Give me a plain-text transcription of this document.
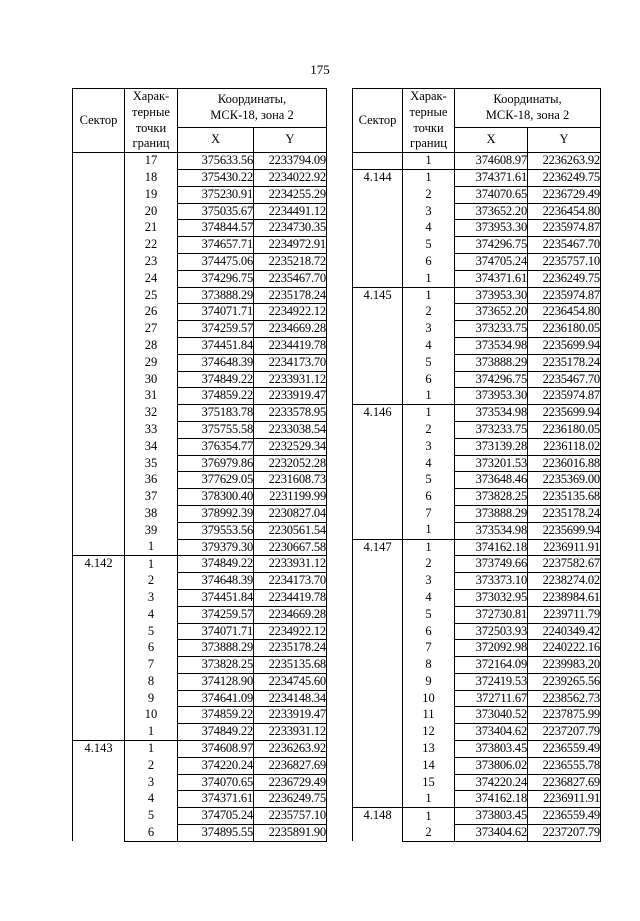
175
Сектор	Харак-
терные
точки
границ	Координаты,
МСК-18, зона 2	
		X	Y
	17	375633.56	2233794.09
	18	375430.22	2234022.92
	19	375230.91	2234255.29
	20	375035.67	2234491.12
	21	374844.57	2234730.35
	22	374657.71	2234972.91
	23	374475.06	2235218.72
	24	374296.75	2235467.70
	25	373888.29	2235178.24
	26	374071.71	2234922.12
	27	374259.57	2234669.28
	28	374451.84	2234419.78
	29	374648.39	2234173.70
	30	374849.22	2233931.12
	31	374859.22	2233919.47
	32	375183.78	2233578.95
	33	375755.58	2233038.54
	34	376354.77	2232529.34
	35	376979.86	2232052.28
	36	377629.05	2231608.73
	37	378300.40	2231199.99
	38	378992.39	2230827.04
	39	379553.56	2230561.54
	1	379379.30	2230667.58
4.142	1	374849.22	2233931.12
	2	374648.39	2234173.70
	3	374451.84	2234419.78
	4	374259.57	2234669.28
	5	374071.71	2234922.12
	6	373888.29	2235178.24
	7	373828.25	2235135.68
	8	374128.90	2234745.60
	9	374641.09	2234148.34
	10	374859.22	2233919.47
	1	374849.22	2233931.12
4.143	1	374608.97	2236263.92
	2	374220.24	2236827.69
	3	374070.65	2236729.49
	4	374371.61	2236249.75
	5	374705.24	2235757.10
	6	374895.55	2235891.90
Сектор	Харак-
терные
точки
границ	Координаты,
МСК-18, зона 2	
		X	Y
	1	374608.97	2236263.92
4.144	1	374371.61	2236249.75
	2	374070.65	2236729.49
	3	373652.20	2236454.80
	4	373953.30	2235974.87
	5	374296.75	2235467.70
	6	374705.24	2235757.10
	1	374371.61	2236249.75
4.145	1	373953.30	2235974.87
	2	373652.20	2236454.80
	3	373233.75	2236180.05
	4	373534.98	2235699.94
	5	373888.29	2235178.24
	6	374296.75	2235467.70
	1	373953.30	2235974.87
4.146	1	373534.98	2235699.94
	2	373233.75	2236180.05
	3	373139.28	2236118.02
	4	373201.53	2236016.88
	5	373648.46	2235369.00
	6	373828.25	2235135.68
	7	373888.29	2235178.24
	1	373534.98	2235699.94
4.147	1	374162.18	2236911.91
	2	373749.66	2237582.67
	3	373373.10	2238274.02
	4	373032.95	2238984.61
	5	372730.81	2239711.79
	6	372503.93	2240349.42
	7	372092.98	2240222.16
	8	372164.09	2239983.20
	9	372419.53	2239265.56
	10	372711.67	2238562.73
	11	373040.52	2237875.99
	12	373404.62	2237207.79
	13	373803.45	2236559.49
	14	373806.02	2236555.78
	15	374220.24	2236827.69
	1	374162.18	2236911.91
4.148	1	373803.45	2236559.49
	2	373404.62	2237207.79
